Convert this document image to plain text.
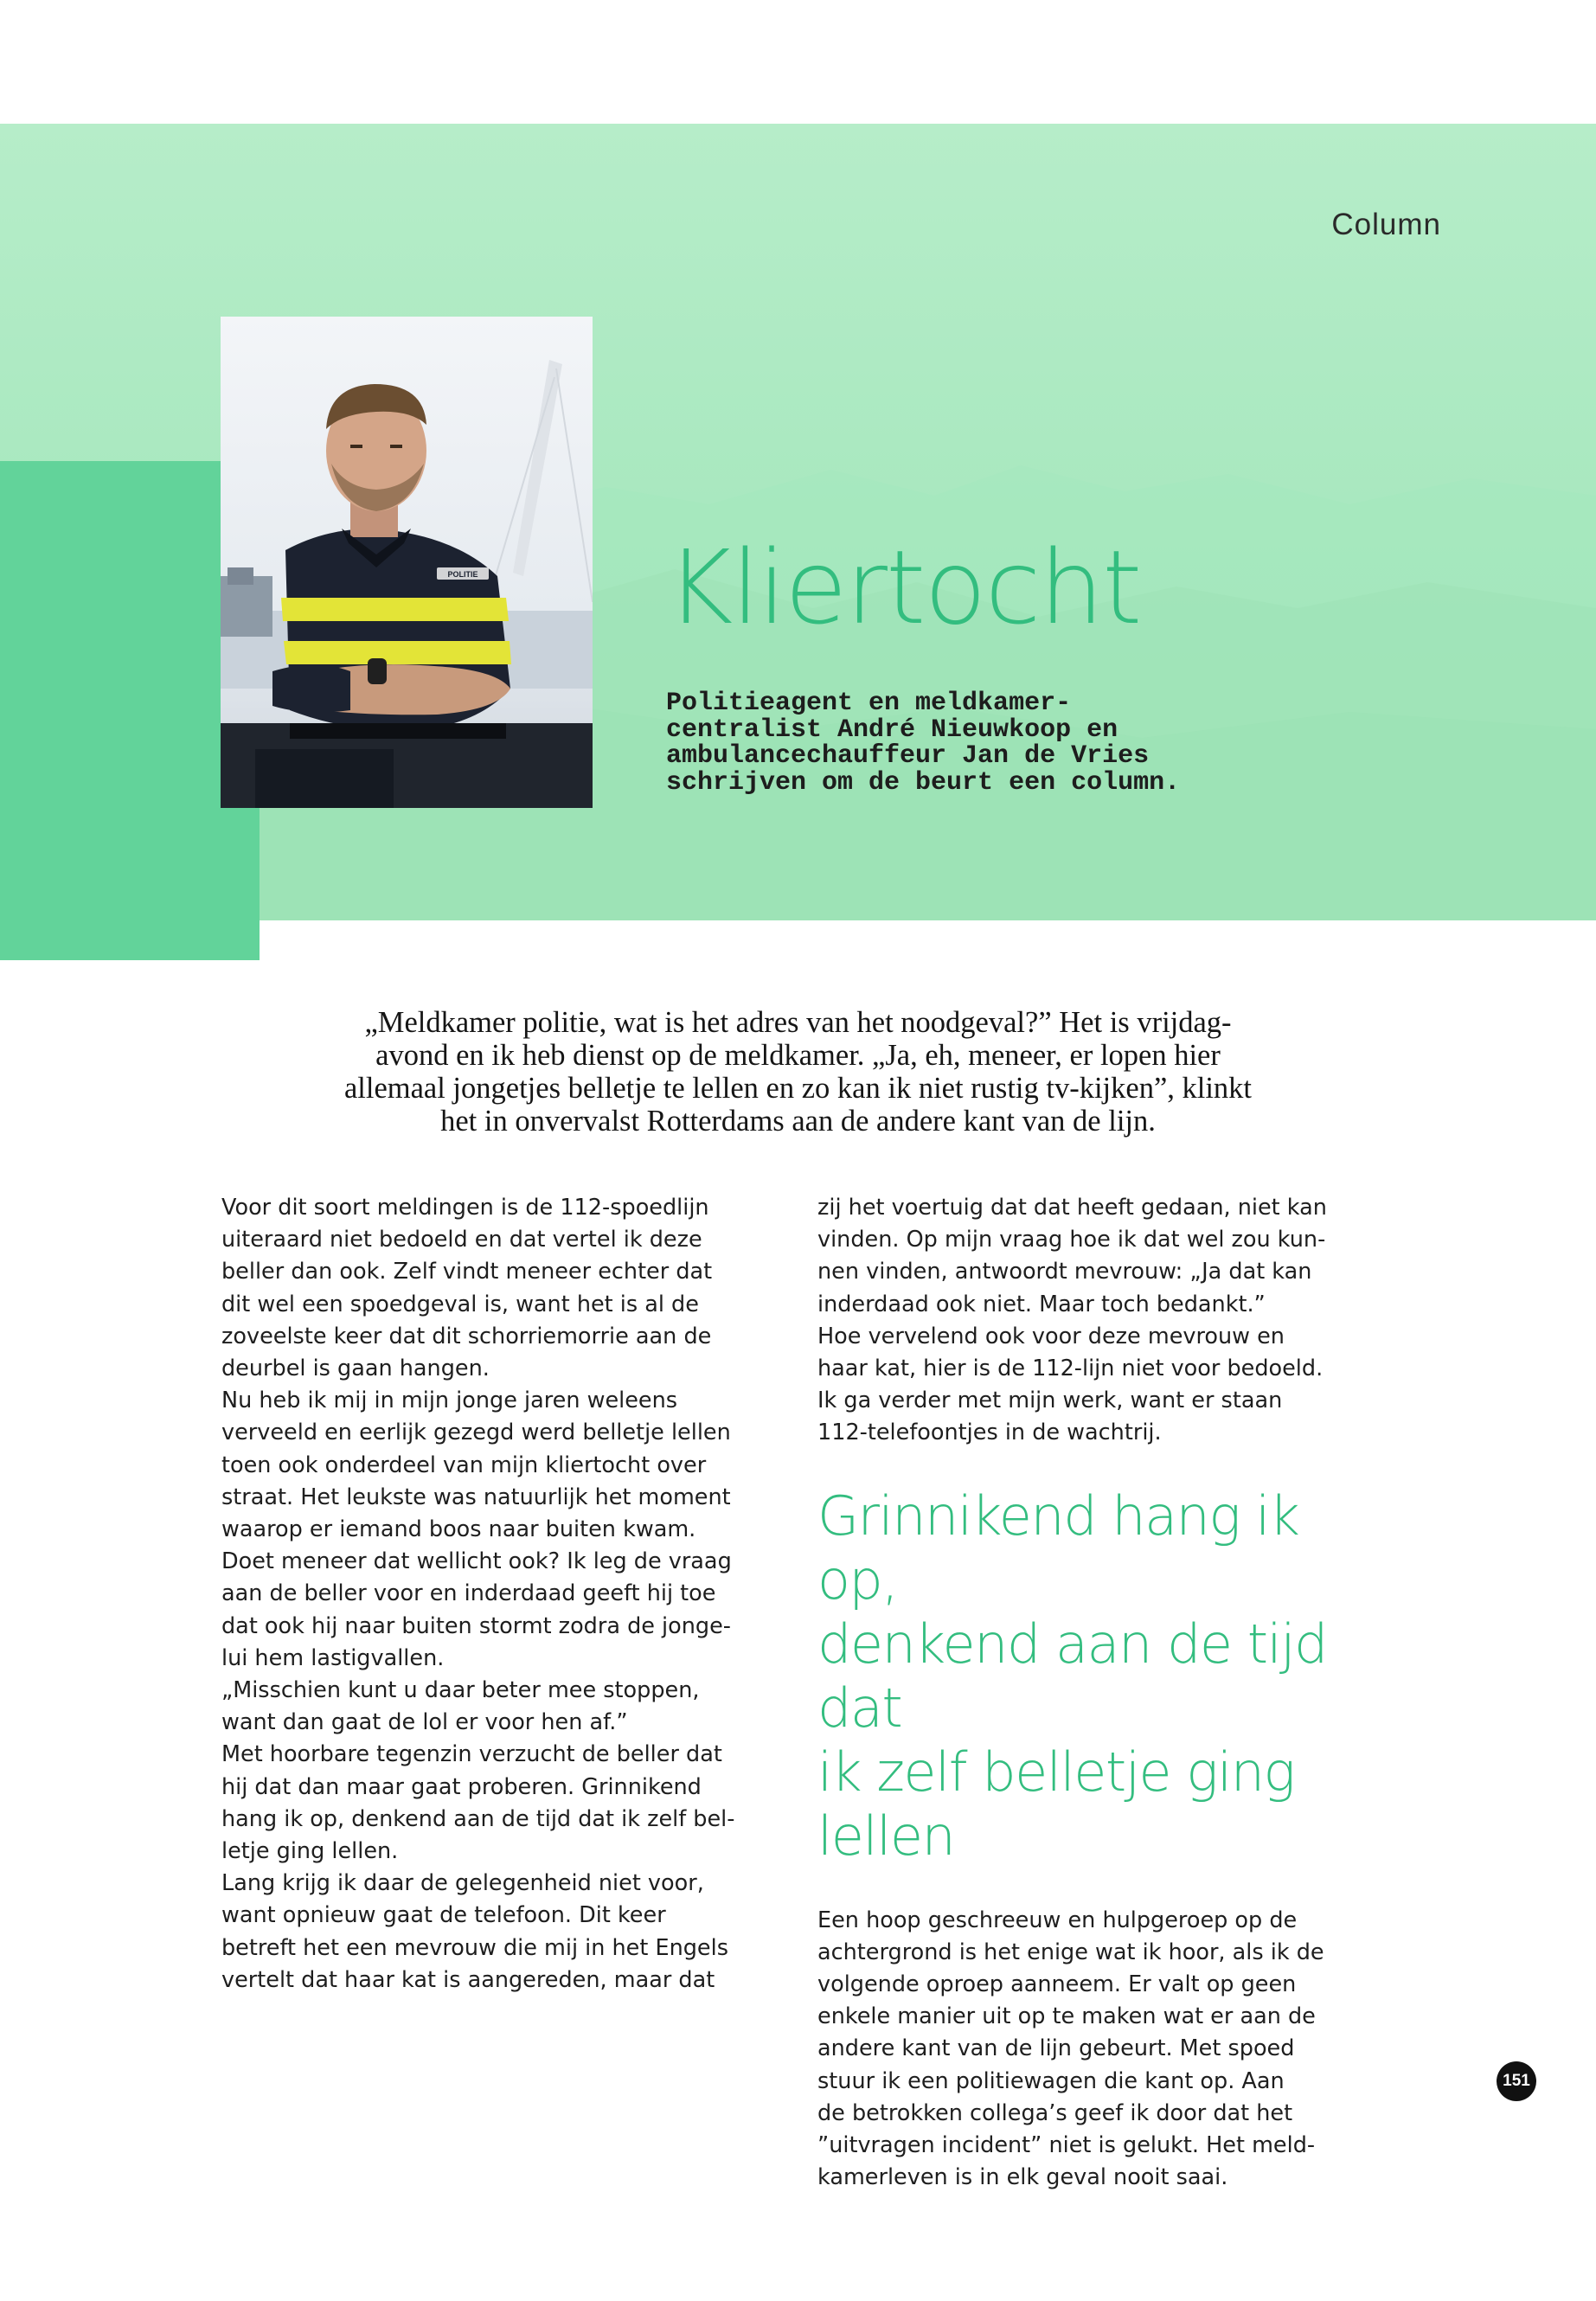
Column
POLITIE Kliertocht

Politieagent en meldkamer-
centralist André Nieuwkoop en
ambulancechauffeur Jan de Vries
schrijven om de beurt een column.

„Meldkamer politie, wat is het adres van het noodgeval?” Het is vrijdag-
avond en ik heb dienst op de meldkamer. „Ja, eh, meneer, er lopen hier
allemaal jongetjes belletje te lellen en zo kan ik niet rustig tv-kijken”, klinkt
het in onvervalst Rotterdams aan de andere kant van de lijn.

Voor dit soort meldingen is de 112-spoedlijn
uiteraard niet bedoeld en dat vertel ik deze
beller dan ook. Zelf vindt meneer echter dat
dit wel een spoedgeval is, want het is al de
zoveelste keer dat dit schorriemorrie aan de
deurbel is gaan hangen.
Nu heb ik mij in mijn jonge jaren weleens
verveeld en eerlijk gezegd werd belletje lellen
toen ook onderdeel van mijn kliertocht over
straat. Het leukste was natuurlijk het moment
waarop er iemand boos naar buiten kwam.
Doet meneer dat wellicht ook? Ik leg de vraag
aan de beller voor en inderdaad geeft hij toe
dat ook hij naar buiten stormt zodra de jonge-
lui hem lastigvallen.
„Misschien kunt u daar beter mee stoppen,
want dan gaat de lol er voor hen af.”
Met hoorbare tegenzin verzucht de beller dat
hij dat dan maar gaat proberen. Grinnikend
hang ik op, denkend aan de tijd dat ik zelf bel-
letje ging lellen.
Lang krijg ik daar de gelegenheid niet voor,
want opnieuw gaat de telefoon. Dit keer
betreft het een mevrouw die mij in het Engels
vertelt dat haar kat is aangereden, maar dat

zij het voertuig dat dat heeft gedaan, niet kan
vinden. Op mijn vraag hoe ik dat wel zou kun-
nen vinden, antwoordt mevrouw: „Ja dat kan
inderdaad ook niet. Maar toch bedankt.”
Hoe vervelend ook voor deze mevrouw en
haar kat, hier is de 112-lijn niet voor bedoeld.
Ik ga verder met mijn werk, want er staan
112-telefoontjes in de wachtrij.

Grinnikend hang ik op,
denkend aan de tijd dat
ik zelf belletje ging lellen

Een hoop geschreeuw en hulpgeroep op de
achtergrond is het enige wat ik hoor, als ik de
volgende oproep aanneem. Er valt op geen
enkele manier uit op te maken wat er aan de
andere kant van de lijn gebeurt. Met spoed
stuur ik een politiewagen die kant op. Aan
de betrokken collega’s geef ik door dat het
”uitvragen incident” niet is gelukt. Het meld-
kamerleven is in elk geval nooit saai.

151
